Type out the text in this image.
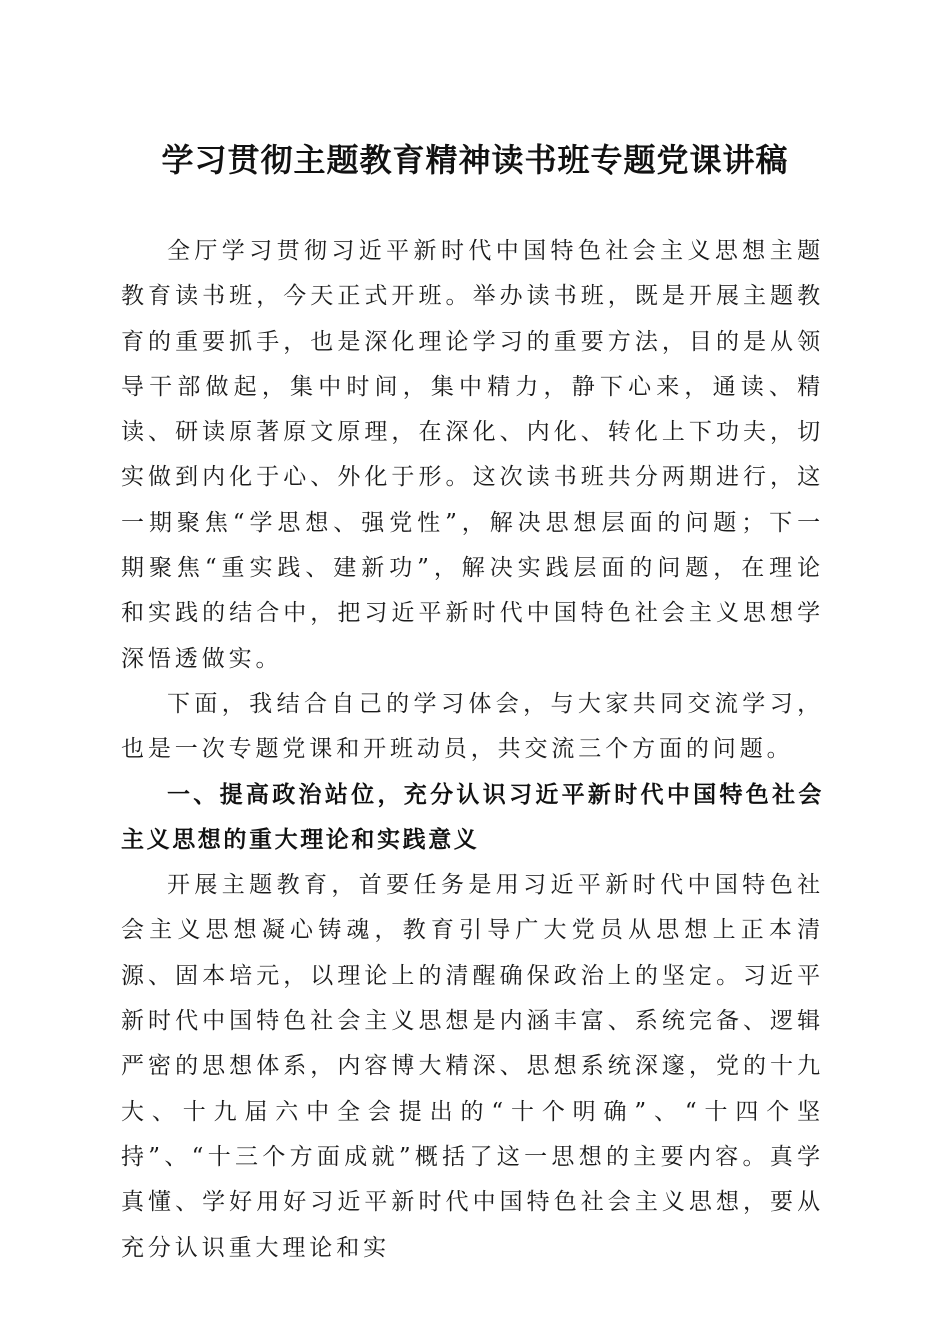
学习贯彻主题教育精神读书班专题党课讲稿

全厅学习贯彻习近平新时代中国特色社会主义思想主题教育读书班，今天正式开班。举办读书班，既是开展主题教育的重要抓手，也是深化理论学习的重要方法，目的是从领导干部做起，集中时间，集中精力，静下心来，通读、精读、研读原著原文原理，在深化、内化、转化上下功夫，切实做到内化于心、外化于形。这次读书班共分两期进行，这一期聚焦“学思想、强党性”，解决思想层面的问题；下一期聚焦“重实践、建新功”，解决实践层面的问题，在理论和实践的结合中，把习近平新时代中国特色社会主义思想学深悟透做实。

下面，我结合自己的学习体会，与大家共同交流学习，也是一次专题党课和开班动员，共交流三个方面的问题。

一、提高政治站位，充分认识习近平新时代中国特色社会主义思想的重大理论和实践意义

开展主题教育，首要任务是用习近平新时代中国特色社会主义思想凝心铸魂，教育引导广大党员从思想上正本清源、固本培元，以理论上的清醒确保政治上的坚定。习近平新时代中国特色社会主义思想是内涵丰富、系统完备、逻辑严密的思想体系，内容博大精深、思想系统深邃，党的十九大、十九届六中全会提出的“十个明确”、“十四个坚持”、“十三个方面成就”概括了这一思想的主要内容。真学真懂、学好用好习近平新时代中国特色社会主义思想，要从充分认识重大理论和实
